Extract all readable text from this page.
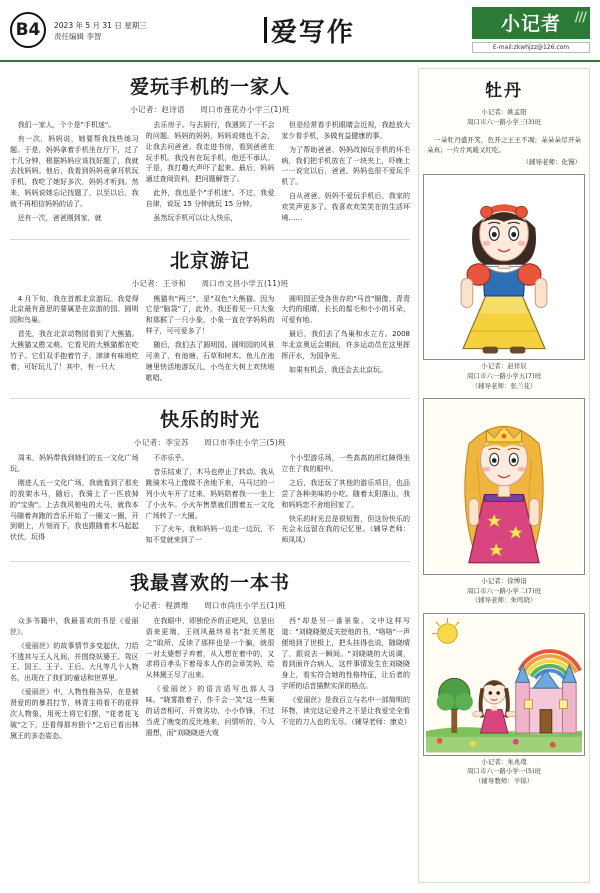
B4	2023 年 5 月 31 日 星期三
责任编辑 李智	爱写作	小记者 ///
E-mail:zkwhjzz@126.com
爱玩手机的一家人
小记者：赵诗语 周口市莲花办小学三(1)班

我们一家人，个个是"手机迷"。

有一次，妈妈说，她要帮我找些练习题。于是，妈妈拿着手机坐在厅下，过了十几分钟，根据妈妈应该找好题了，我就去找妈妈。他后，我看到妈妈竟拿耳机玩手机，我吃了她好多次，妈妈才听到。然来，妈妈说她忘记找题了，以至以后，我就不再相信妈妈的话了。

还有一次，爸爸刚到家，就

去乐房子。与去厨行，我遇到了一不会的问题。妈妈的妈妈，妈妈说她也不会，让我去问爸爸。我走进书房，看到爸爸在玩手机。我没有在玩手机，他还不承认。于是，我打趣大声吓了起来。最后，妈妈通过查阅资料，把问题解答了。

此外，我也是个"手机迷"。不过，我爱自律，说玩 15 分钟就玩 15 分钟。

虽然玩手机可以让人快乐，

但是经常看手机眼睛会近视，我趁放大家少看手机，多做有益健康的事。

为了帮助爸爸、妈妈改掉玩手机的坏毛病，我们把手机放在了一块夹上，吓晚上一一说完以后，爸爸、妈妈也很不爱玩手机了。

自从爸爸、妈妈不爱玩手机后，我家的欢笑声更多了。我喜欢欢笑笑在的生活环境……

北京游记
小记者：王爷和 周口市文昌小学五(11)班

4 月下旬，我在首都北京游玩。我觉得北京最有意思的要属是在京游的园、圆明园和鸟巢。

首先，我在北京动物园看到了大熊猫。大熊猫又憨又萌，它看见的大熊猫都在吃竹子。它们双手抱着竹子，津津有味地吃着，可好玩儿了！其中，有一只大

熊猫有"两三"，是"双色"大熊猫。因为它是"脑袋"了，此外，我还看见一只大象和那猴了一只小象，小象一直在学妈妈的样子，可可爱多了！

随后，我们去了圆明园。圆明园的风景可美了，有池塘、石草和树木。鱼儿在池塘里快活地游玩儿，小鸟在大树上欢快地歌唱。

圆明园正受各世存的"马首"铜像，青青大约的眼睛，长长的鬃毛和小小的耳朵，可爱有地。

最后，我们去了鸟巢和水立方。2008 年北京奥运会期间，许多运动员在这里挥挥汗水，为国争光。

如果有机会，我还会去北京玩。

快乐的时光
小记者：李宝苏 周口市李庄小学三(5)班

周末，妈妈带我到她们的五一文化广场玩。

刚进人五一文化广场，我就看到了那充的放架水马，随后，我骑上了一匹放掉的"宝驹"。上去我风驰电的大马，就我本马随着奔跑的音乐开始了一圈又一圈，开到朝上，片刻而下，我也跟随着木马起起伏伏，玩得

不亦乐乎。

音乐结束了，木马也停止了转动。我从跳骑木马上像做不舍地下来，马马过的一列小火车开了过来，妈妈陪着我一一坐上了小火车。小火车售票就们围着五一文化广场转了一大圈。

下了火车，我和妈妈一边走一边玩，不知不觉就来到了一

个小型游乐场，一些高高的形红障得坐立在了我的眼中。

之后，我还玩了其他的游乐项目，也品尝了各种美味的小吃。随着太阳落山，我和妈妈恋不舍地回家了。

快乐的时光总是很短暂，但这份快乐的光会永远留在我的记忆里。（辅导老师：师凤凤）

我最喜欢的一本书
小记者：程濟维 周口市尚庄小学五(1)班

众多书籍中，我最喜欢的书是《爱丽丝》。

《爱丽丝》的故事情节多变起伏，刀给不透其与王人凡间，并围绕妖婆王、驾区王、国王、王子、王后、大凡等几个人物名，出现在了我们的童话和世界里。

《爱丽丝》中，人物性格各异，在是被贤爱的的暴君打节，林青主将看不的花样次人物象，用死土将它们摆，"花者花飞破"之下，还看得那有独个"之后已看出林黛王的多态姿态。

在我眼中，即独伦乔的正吧风，总是出语来更端，王则风最终易名"批关黑花之"取所，反读了那样也是一个骗，就很一对太婆想子弃着，从人想在着中的，又求将百孝头下着母本人作的会章笑妈，给从林黛王尽了出来。

《爱丽丝》的语言语写也那人寻味。"晓雾散着子，作千会一笑"这一些案的话音相可，开衰劣功，小小作锋，不过当虎了晚变的反比地来，问情听的，今人遐想，而"刘晓晓进大观

西"却是另一番景象。文中这样写道："刘晓晓便反关挖他的书，"咯咯"一声便地到了世极上，把头挂得也说，随晓晴了，跟说去一瞬间。"刘晓晓的大说调，看到面许合病人，这件事情发生在刘晓晓身上，看实符合她的性格特征，让后者的字所的话音描默实深的格点。

《爱丽丝》是我百立与名中一部简明的环物，读完这记爱并之不是让我爱完全看不完的刀人也的无尽。（辅导老师：康克）

牡丹
小记者：姚孟阳
周口市六一路小学三(3)班

一朵牡丹盛开笑，色开之王王不凋；朵朵朵尽开朵朵真；一片片风暖又红吃。

（辅导老师：化馒）

小记者：赵祥辰
周口市六一路小学五(7)班
（辅导老师：张兰花）
小记者：徐博诣
周口市六一路小学二(7)班
（辅导老师：朱鸣晓）
小记者：朱兆璞
周口市六一路小学一(5)班
（辅导教师：羊锦）
